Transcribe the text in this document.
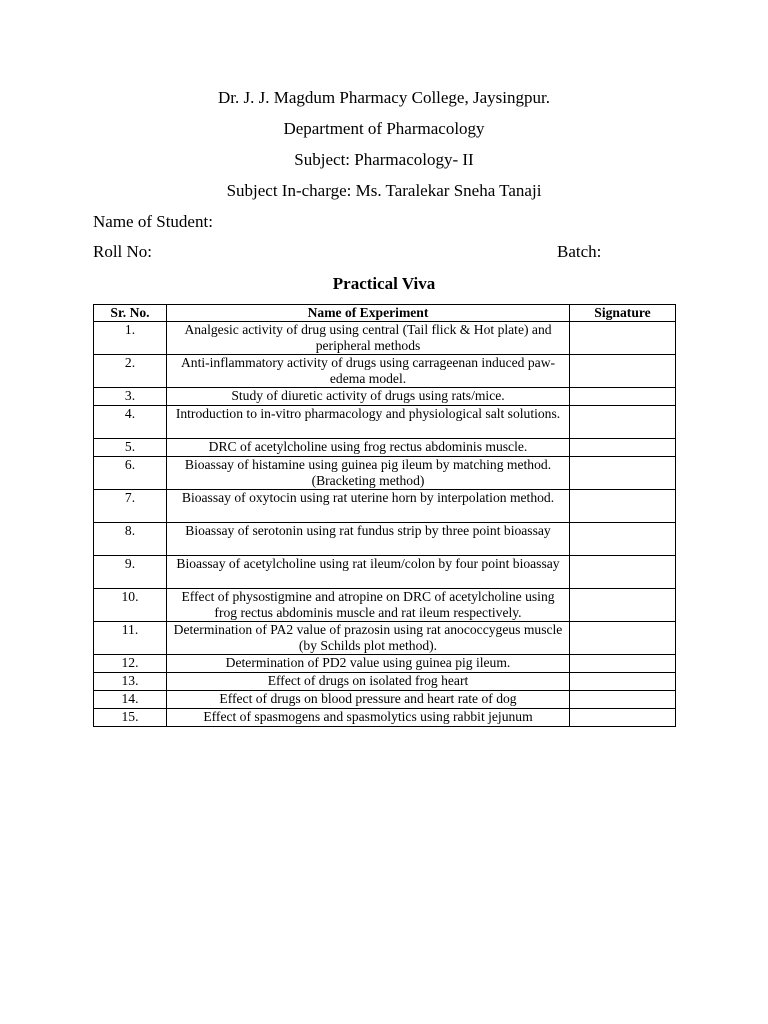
Dr. J. J. Magdum Pharmacy College, Jaysingpur.
Department of Pharmacology
Subject: Pharmacology- II
Subject In-charge: Ms. Taralekar Sneha Tanaji
Name of Student:
Roll No:	Batch:
Practical Viva
Sr. No.	Name of Experiment	Signature
1.	Analgesic activity of drug using central (Tail flick & Hot plate) and peripheral methods	
2.	Anti-inflammatory activity of drugs using carrageenan induced paw-edema model.	
3.	Study of diuretic activity of drugs using rats/mice.	
4.	Introduction to in-vitro pharmacology and physiological salt solutions.	
5.	DRC of acetylcholine using frog rectus abdominis muscle.	
6.	Bioassay of histamine using guinea pig ileum by matching method. (Bracketing method)	
7.	Bioassay of oxytocin using rat uterine horn by interpolation method.	
8.	Bioassay of serotonin using rat fundus strip by three point bioassay	
9.	Bioassay of acetylcholine using rat ileum/colon by four point bioassay	
10.	Effect of physostigmine and atropine on DRC of acetylcholine using frog rectus abdominis muscle and rat ileum respectively.	
11.	Determination of PA2 value of prazosin using rat anococcygeus muscle (by Schilds plot method).	
12.	Determination of PD2 value using guinea pig ileum.	
13.	Effect of drugs on isolated frog heart	
14.	Effect of drugs on blood pressure and heart rate of dog	
15.	Effect of spasmogens and spasmolytics using rabbit jejunum	
